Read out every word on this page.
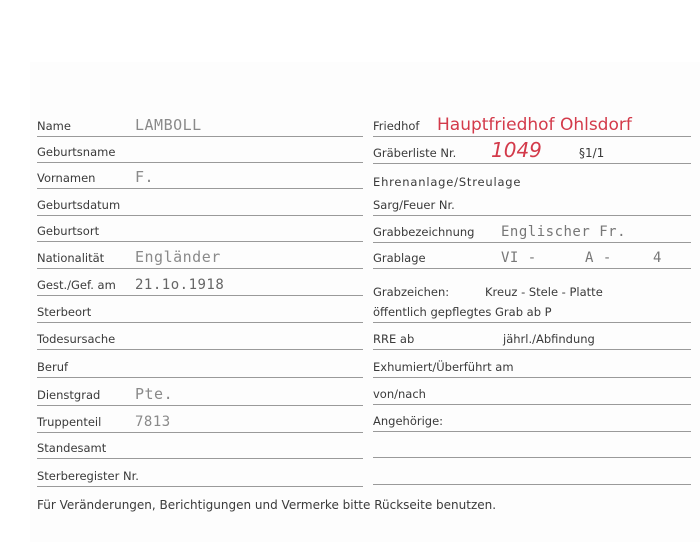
Name	LAMBOLL
Geburtsname
Vornamen	F.
Geburtsdatum
Geburtsort
Nationalität Engländer
Gest./Gef. am 21.1o.1918
Sterbeort
Todesursache
Beruf
Dienstgrad Pte.
Truppenteil 7813
Standesamt
Sterberegister Nr.
Friedhof Hauptfriedhof Ohlsdorf
Gräberliste Nr. 1049	§1/1
Ehrenanlage/Streulage
Sarg/Feuer Nr.
Grabbezeichnung Englischer Fr.
Grablage	VI -	A -	4
Grabzeichen:	Kreuz - Stele - Platte
öffentlich gepflegtes Grab ab P
RRE ab	jährl./Abfindung
Exhumiert/Überführt am
von/nach
Angehörige:
Für Veränderungen, Berichtigungen und Vermerke bitte Rückseite benutzen.
